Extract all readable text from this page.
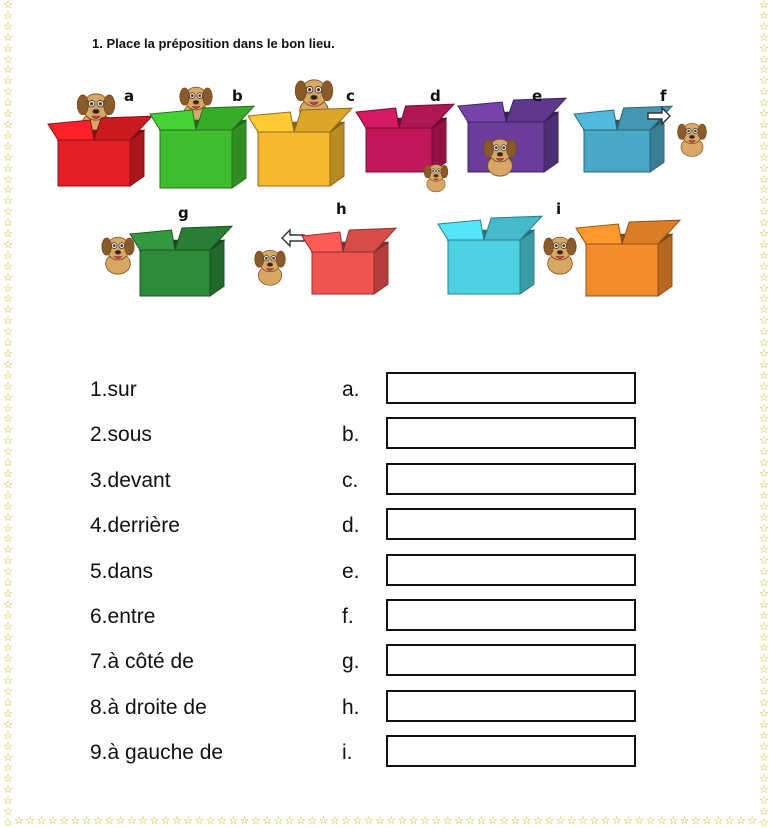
☆
☆
☆
☆
☆
☆
☆
☆
☆
☆
☆
☆
☆
☆
☆
☆
☆
☆
☆
☆
☆
☆
☆
☆
☆
☆
☆
☆
☆
☆
☆
☆
☆
☆
☆
☆
☆
☆
☆
☆
☆
☆
☆
☆
☆
☆
☆
☆
☆
☆
☆
☆
☆
☆
☆
☆
☆
☆
☆
☆
☆
☆
☆
☆
☆
☆
☆
☆
☆
☆
☆
☆
☆
☆
☆
☆
☆
☆
☆
☆
☆
☆
☆
☆
☆
☆
☆
☆
☆
☆
☆
☆
☆
☆
☆
☆
☆
☆
☆
☆
☆
☆
☆
☆
☆
☆
☆
☆
☆
☆
☆
☆
☆
☆
☆
☆
☆
☆
☆
☆
☆
☆
☆
☆
☆
☆
☆
☆
☆
☆
☆
☆
☆
☆
☆
☆
☆
☆
☆
☆
☆
☆
☆
☆
☆
☆
☆
☆
☆
☆
☆
☆
☆ ☆ ☆ ☆ ☆ ☆ ☆ ☆ ☆ ☆ ☆ ☆ ☆ ☆ ☆ ☆ ☆ ☆ ☆ ☆ ☆ ☆ ☆ ☆ ☆ ☆ ☆ ☆ ☆ ☆ ☆ ☆ ☆ ☆ ☆ ☆ ☆ ☆ ☆ ☆ ☆ ☆ ☆ ☆ ☆ ☆ ☆ ☆ ☆ ☆ ☆ ☆ ☆ ☆ ☆ ☆ ☆ ☆ ☆ ☆ ☆ ☆ ☆ ☆ ☆ ☆
1. Place la préposition dans le bon lieu.
a	b	c	d	e	f
g	h	i
1.sur	a.
2.sous	b.
3.devant	c.
4.derrière	d.
5.dans	e.
6.entre	f.
7.à côté de	g.
8.à droite de	h.
9.à gauche de	i.
